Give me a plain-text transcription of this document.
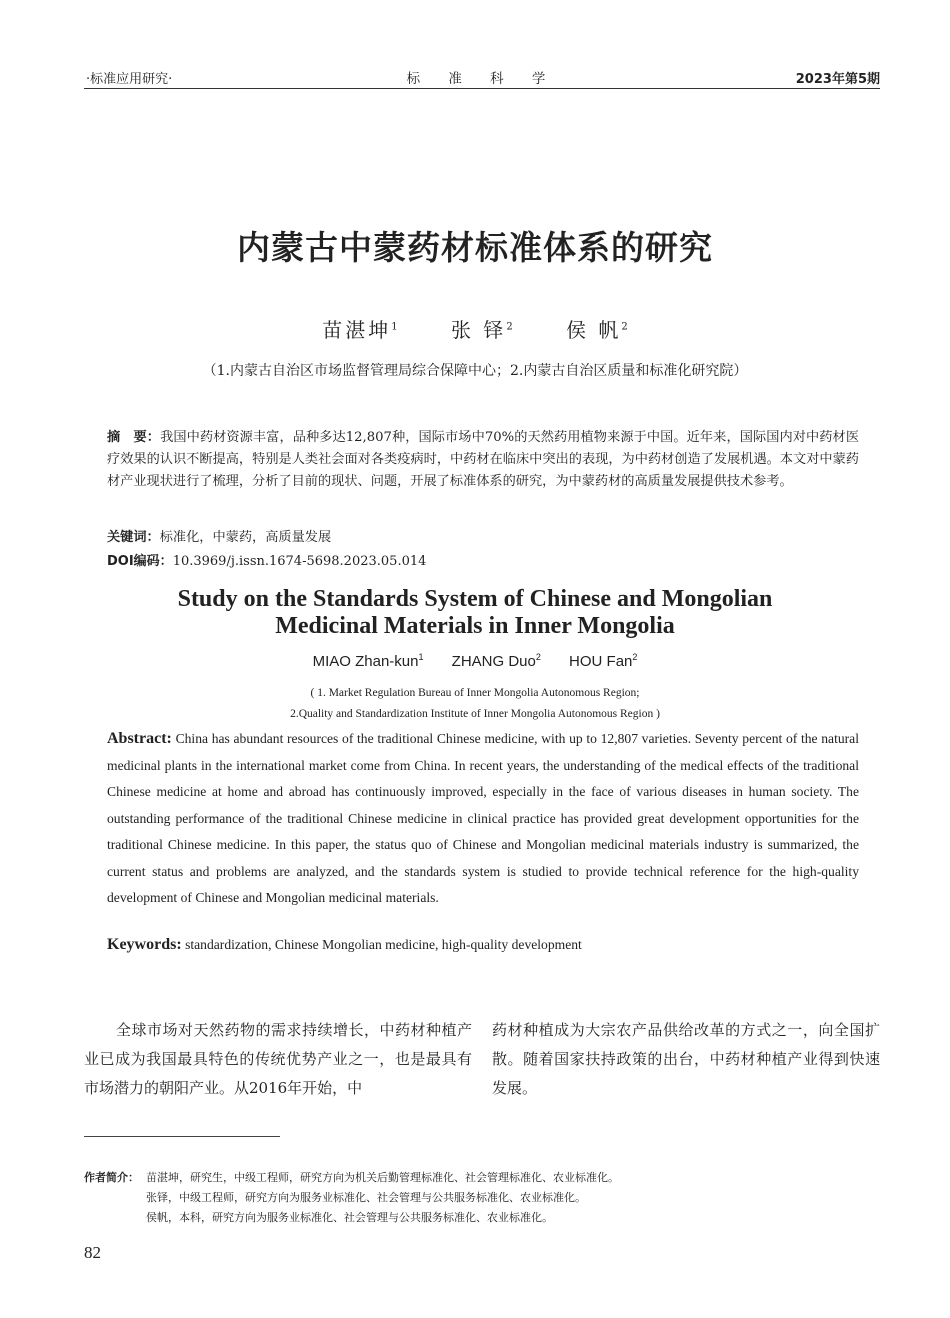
·标准应用研究·	标 准 科 学	2023年第5期
内蒙古中蒙药材标准体系的研究
苗湛坤$^1$	张 铎$^2$	侯 帆$^2$
（1.内蒙古自治区市场监督管理局综合保障中心；2.内蒙古自治区质量和标准化研究院）
摘　要：我国中药材资源丰富，品种多达12,807种，国际市场中70%的天然药用植物来源于中国。近年来，国际国内对中药材医疗效果的认识不断提高，特别是人类社会面对各类疫病时，中药材在临床中突出的表现，为中药材创造了发展机遇。本文对中蒙药材产业现状进行了梳理，分析了目前的现状、问题，开展了标准体系的研究，为中蒙药材的高质量发展提供技术参考。
关键词：标准化，中蒙药，高质量发展
DOI编码：10.3969/j.issn.1674-5698.2023.05.014
Study on the Standards System of Chinese and Mongolian
Medicinal Materials in Inner Mongolia
MIAO Zhan-kun$^1$ ZHANG Duo$^2$ HOU Fan$^2$
( 1. Market Regulation Bureau of Inner Mongolia Autonomous Region;
2.Quality and Standardization Institute of Inner Mongolia Autonomous Region )
Abstract: China has abundant resources of the traditional Chinese medicine, with up to 12,807 varieties. Seventy percent of the natural medicinal plants in the international market come from China. In recent years, the understanding of the medical effects of the traditional Chinese medicine at home and abroad has continuously improved, especially in the face of various diseases in human society. The outstanding performance of the traditional Chinese medicine in clinical practice has provided great development opportunities for the traditional Chinese medicine. In this paper, the status quo of Chinese and Mongolian medicinal materials industry is summarized, the current status and problems are analyzed, and the standards system is studied to provide technical reference for the high-quality development of Chinese and Mongolian medicinal materials.
Keywords: standardization, Chinese Mongolian medicine, high-quality development
全球市场对天然药物的需求持续增长，中药材种植产业已成为我国最具特色的传统优势产业之一，也是最具有市场潜力的朝阳产业。从2016年开始，中
药材种植成为大宗农产品供给改革的方式之一，向全国扩散。随着国家扶持政策的出台，中药材种植产业得到快速发展。
作者简介： 苗湛坤，研究生，中级工程师，研究方向为机关后勤管理标准化、社会管理标准化、农业标准化。
张铎，中级工程师，研究方向为服务业标准化、社会管理与公共服务标准化、农业标准化。
侯帆，本科，研究方向为服务业标准化、社会管理与公共服务标准化、农业标准化。
82
